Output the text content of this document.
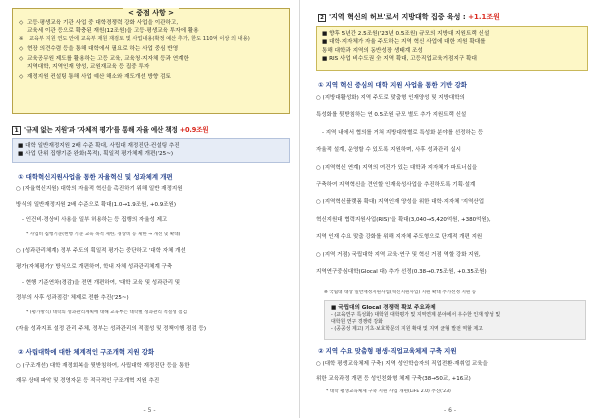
< 중점 사항 >
◇ 고등·평생교육 기관 사업 중 대학경쟁력 강화 사업을 이관하고,
교육세 이관 등으로 확충된 재원(12조원)을 고등·평생교육 투자에 활용
※ 교육부 지원 연도 안에 교육부 재원 재검토 및 사업내용(확정 예산 추가, 한도 110억 이상 의 내용)
◇ 현장 의견수렴 등을 통해 대학에서 필요로 하는 사업 중심 반영
◇ 교육공무원 제도를 활용하는 고등 교육, 교육청·지자체 등과 연계한
지역대학, 지역인재 양성, 교원재교육 등 집중 투자
◇ 재정지원 컨설팅 통해 사업 예산 해소와 재도개선 방향 검토
1 '규제 없는 지원'과 '자체적 평가'를 통해 자율 예산 책정 +0.9조원
■ 대학 일반재정지원 2배 수준 확대, 사립대 재정진단·컨설팅 추진
■ 사업 단위 집행기준 완화(목적), 획일적 평가체제 개편('25~)
① 대학혁신지원사업을 통한 자율혁신 및 성과체계 개편
○ (자율혁신지원) 대학의 자율적 혁신을 촉진하기 위해 일반 재정지원
방식의 일반재정지원 2배 수준으로 확대(1.0→1.9조원, +0.9조원)
- 인건비·경상비 사용을 일부 허용하는 등 집행의 자율성 제고
* 사업비 집행기준(현행 기준 교육 목적 제한, 경상비 등 제한 → 개선 및 확대)
○ (성과관리체계) 정부 주도의 획일적 평가는 중단하고 '대학 자체 개선
평가(자체평가)' 방식으로 개편하여, 학내 자체 성과관리체계 구축
- 현행 기준연차(경감)을 전면 개편하여, '대학 교육 및 성과관리 및
정부의 사후 성과점검' 체제로 전환 추진('25~)
* (평가방식) 대학의 성과관리계획에 대해 교육부는 대학별 성과관리 적절성 점검
(자율 성과지표 설정 관리 주체, 정부는 성과관리의 적절성 및 정책이행 점검 등)
② 사립대학에 대한 체계적인 구조개혁 지원 강화
○ (구조개선) 대학 재정회복을 뒷받침하여, 사립대학 재정진단 등을 통한
재무 상태 파악 및 경영자문 등 적극적인 구조개혁 지원 추진
- 5 -
2 '지역 혁신의 허브'로서 지방대학 집중 육성 : +1.1조원
■ 향후 5년간 2.5조원('23년 0.5조원) 규모의 지방대 지원트랙 신설
■ 대학·지자체가 자율 주도하는 지역 혁신 사업에 대한 지원 확대를
통해 대학과 지역의 동반성장 생태계 조성
■ RIS 사업 비수도권 全 지역 확대, 고등직업교육거점지구 확대
① 지역 혁신 중심의 대학 지원 사업을 통한 기반 강화
○ (지방대활성화) 지역 주도로 맞춤형 인재양성 및 지방대학의
특성화를 뒷받침하는 연 0.5조원 규모 별도 추가 지원트랙 신설
- 지역 내에서 협의를 거쳐 지방대학별로 특성화 분야를 선정하는 등
자율적 설계, 운영할 수 있도록 지원하며, 사후 성과관리 실시
○ (지역혁신 연계) 지역의 여건가 있는 대학과 지자체가 파트너십을
구축하여 지역혁신을 견인할 인재육성사업을 추진하도록 기획·설계
○ (지역혁신플랫폼 확대) 지역인재 양성을 위한 대학·지자체 '지역산업
혁신지원대 협력지원사업(RIS)'을 확대(3,040→5,420억원, +380억원),
지역 인재 수요 맞춤 강화를 위해 지자체 주도형으로 단계적 개편 지원
○ (지역 거점) 국립대학 지역 교육·연구 및 혁신 거점 역할 강화 지원,
지역연구중심대학(Glocal 대) 추가 선정(0.38→0.75조원, +0.35조원)
※ 국립대 대상 일반재정지원사업(혁신지원사업) 지원 확대 추가선정 지원 등
■ 국립대의 Glocal 경쟁력 확보 주요과제
- (교육연구 특성화) 대학원 대학평가 및 지역연계 분야에서 우수한 인재 양성 및
대학원 연구 경쟁력 강화
- (공공성 제고) 기초·보호학문의 지원 확대 및 지역 균형 발전 역할 제고
② 지역 수요 맞춤형 평생·직업교육체제 구축 지원
○ (대학 평생교육체제 구축) 지역 성인학습자의 직업전환·재취업 교육을
위한 교육과정 개편 등 성인친화형 체제 구축(38→50교, +16교)
* 대학 평생교육체제 구축 지원 사업 개편(LiFE 2.0) 추진('23)
- 6 -
